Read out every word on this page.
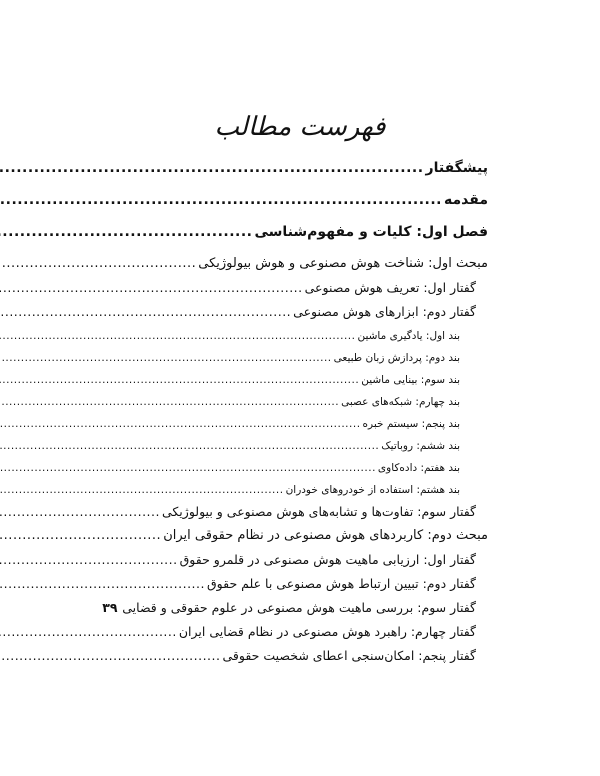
فهرست مطالب
پیشگفتار
.....
مقدمه
.....
فصل اول: کلیات و مفهوم‌شناسی
.....
مبحث اول: شناخت هوش مصنوعی و هوش بیولوژیکی
.....
گفتار اول: تعریف هوش مصنوعی
.....
گفتار دوم: ابزارهای هوش مصنوعی
.....
بند اول: یادگیری ماشین
.....
بند دوم: پردازش زبان طبیعی
.....
بند سوم: بینایی ماشین
.....
بند چهارم: شبکه‌های عصبی
.....
بند پنجم: سیستم خبره
.....
بند ششم: روباتیک
.....
بند هفتم: داده‌کاوی
.....
بند هشتم: استفاده از خودروهای خودران
.....
گفتار سوم: تفاوت‌ها و تشابه‌های هوش مصنوعی و بیولوژیکی
.....
مبحث دوم: کاربردهای هوش مصنوعی در نظام حقوقی ایران
.....
گفتار اول: ارزیابی ماهیت هوش مصنوعی در قلمرو حقوق
.....
گفتار دوم: تبیین ارتباط هوش مصنوعی با علم حقوق
.....
گفتار سوم: بررسی ماهیت هوش مصنوعی در علوم حقوقی و قضایی
۳۹
گفتار چهارم: راهبرد هوش مصنوعی در نظام قضایی ایران
.....
گفتار پنجم: امکان‌سنجی اعطای شخصیت حقوقی
.....
